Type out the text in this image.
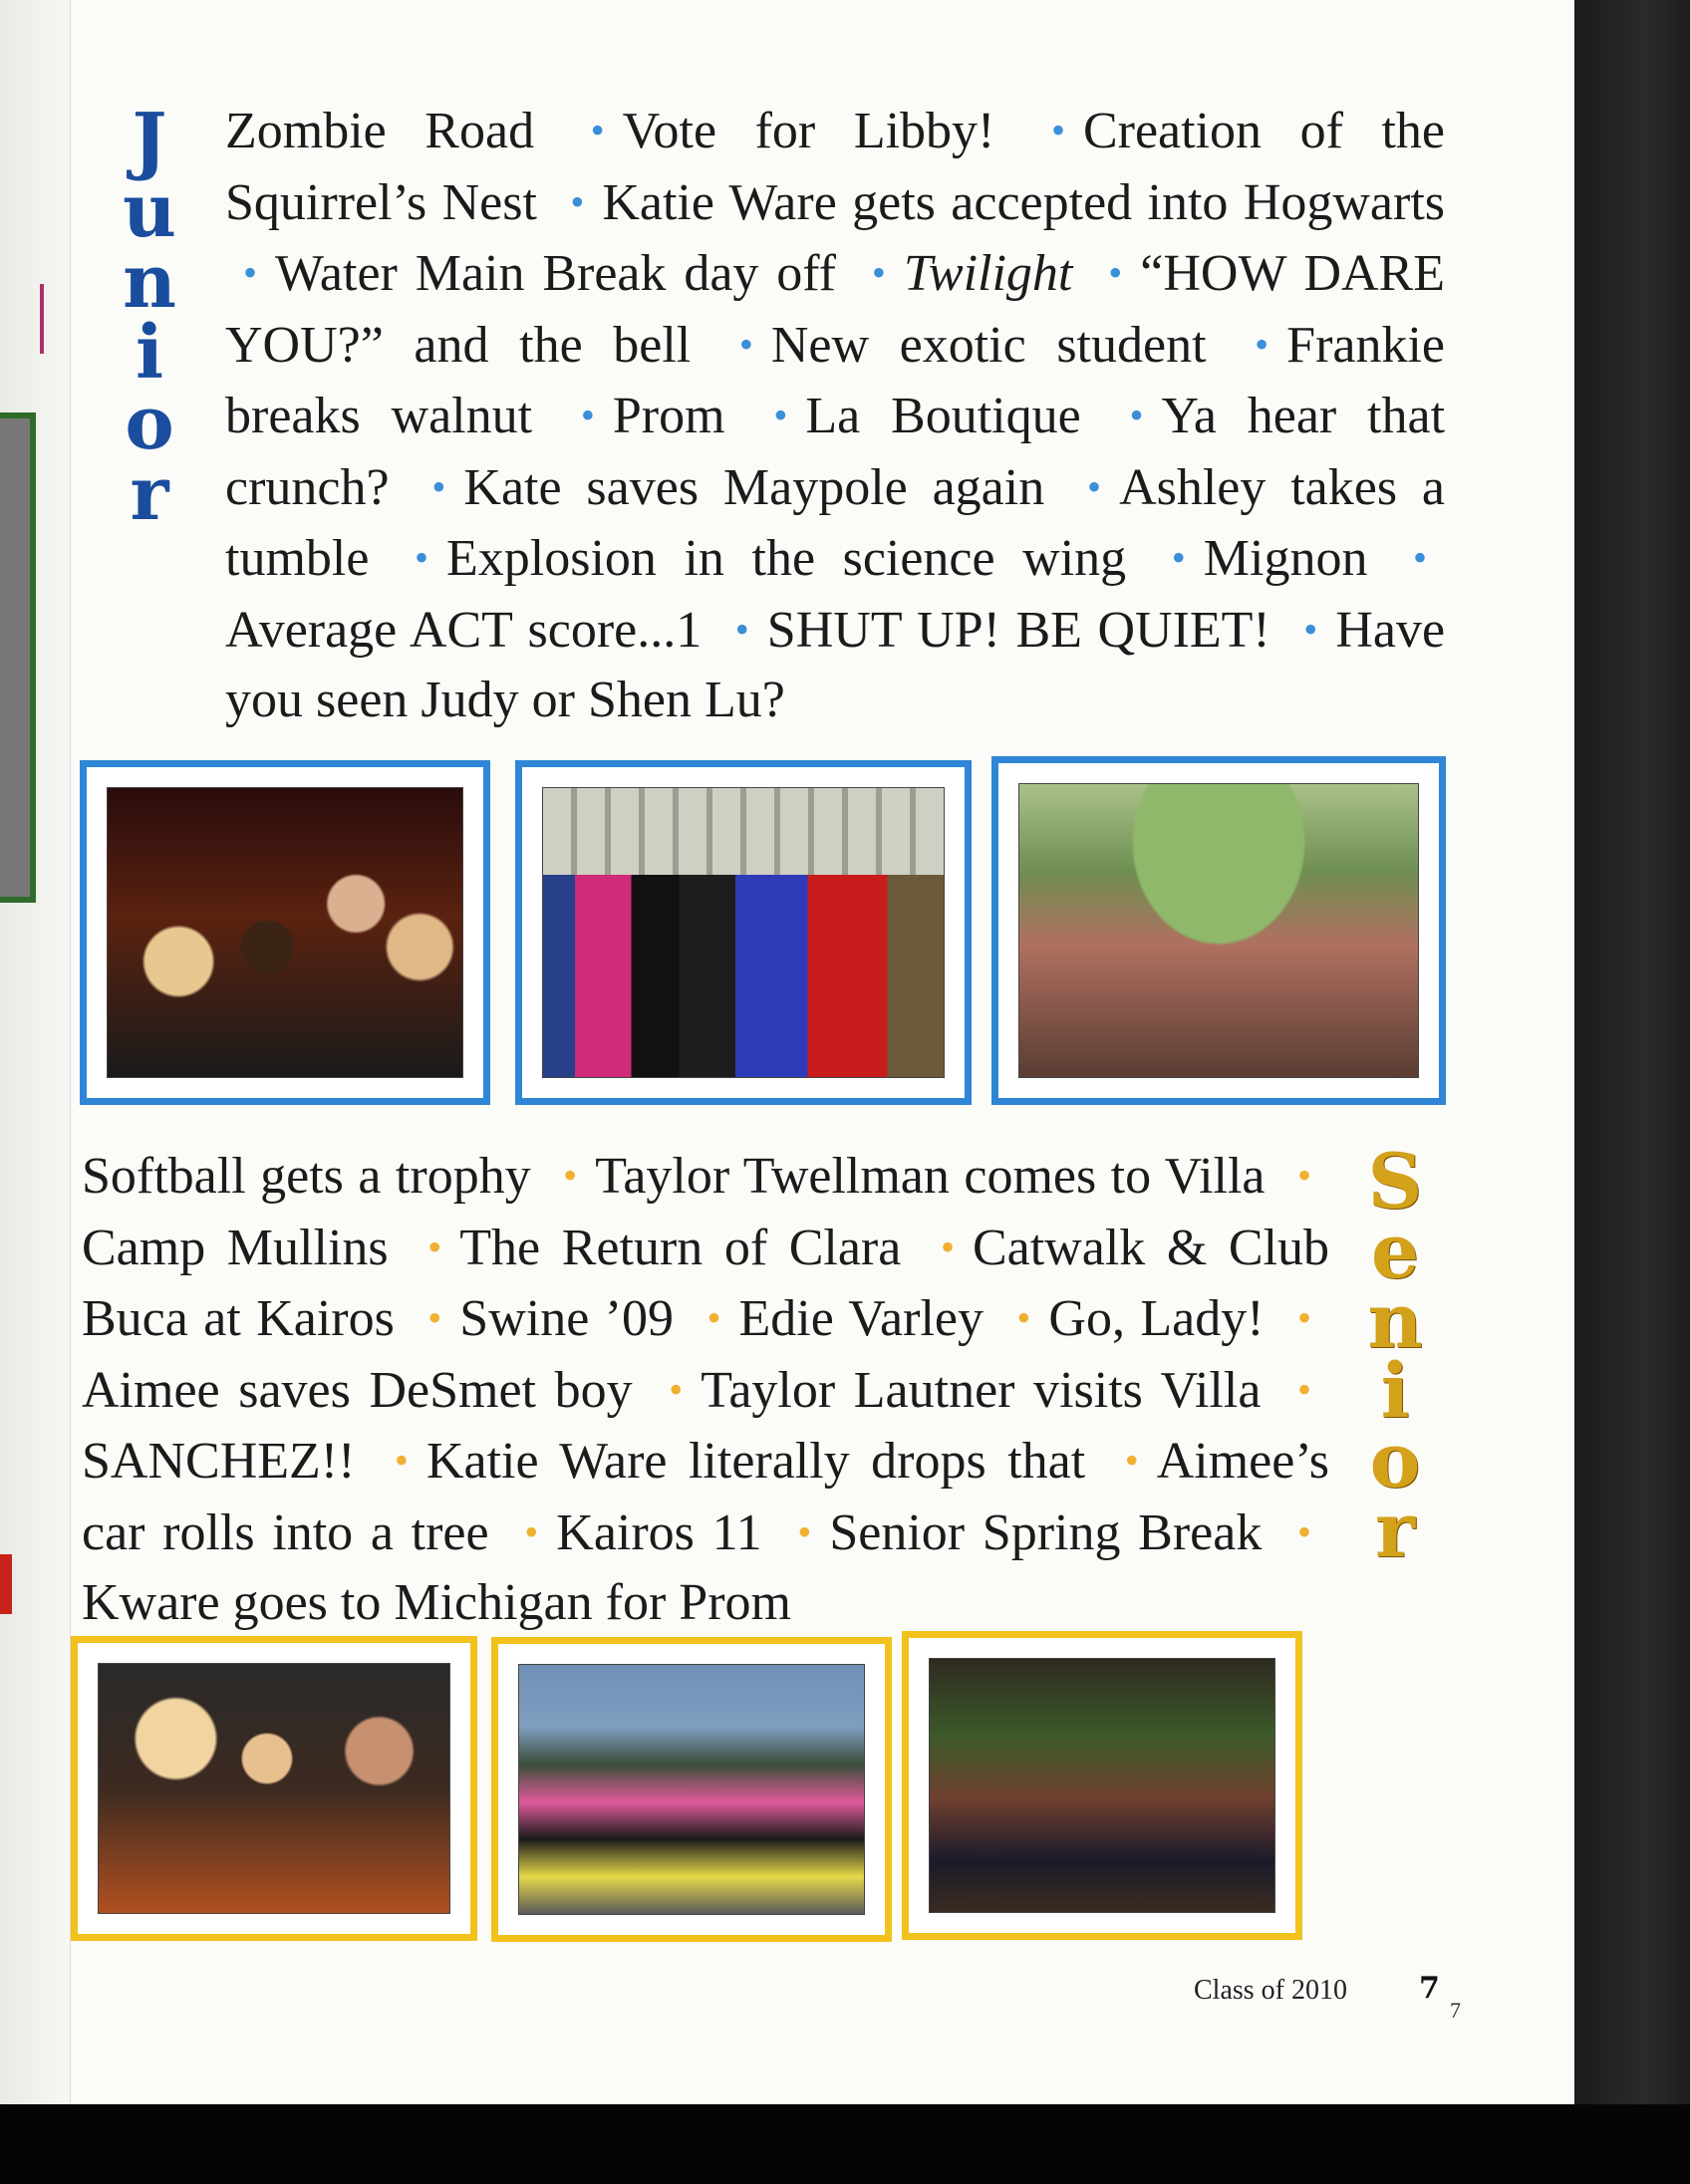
J
u
n
i
o
r
Zombie Road • Vote for Libby! • Creation of the Squirrel’s Nest • Katie Ware gets accepted into Hogwarts • Water Main Break day off • Twilight • “HOW DARE YOU?” and the bell • New exotic student • Frankie breaks walnut • Prom • La Boutique • Ya hear that crunch? • Kate saves Maypole again • Ashley takes a tumble • Explosion in the science wing • Mignon •Average ACT score...1 • SHUT UP! BE QUIET! • Have you seen Judy or Shen Lu?
Softball gets a trophy • Taylor Twellman comes to Villa •Camp Mullins • The Return of Clara • Catwalk & Club Buca at Kairos • Swine ’09 • Edie Varley • Go, Lady! •Aimee saves DeSmet boy • Taylor Lautner visits Villa •SANCHEZ!! • Katie Ware literally drops that • Aimee’s car rolls into a tree • Kairos 11 • Senior Spring Break •Kware goes to Michigan for Prom
S
e
n
i
o
r
Class of 2010 7
7
